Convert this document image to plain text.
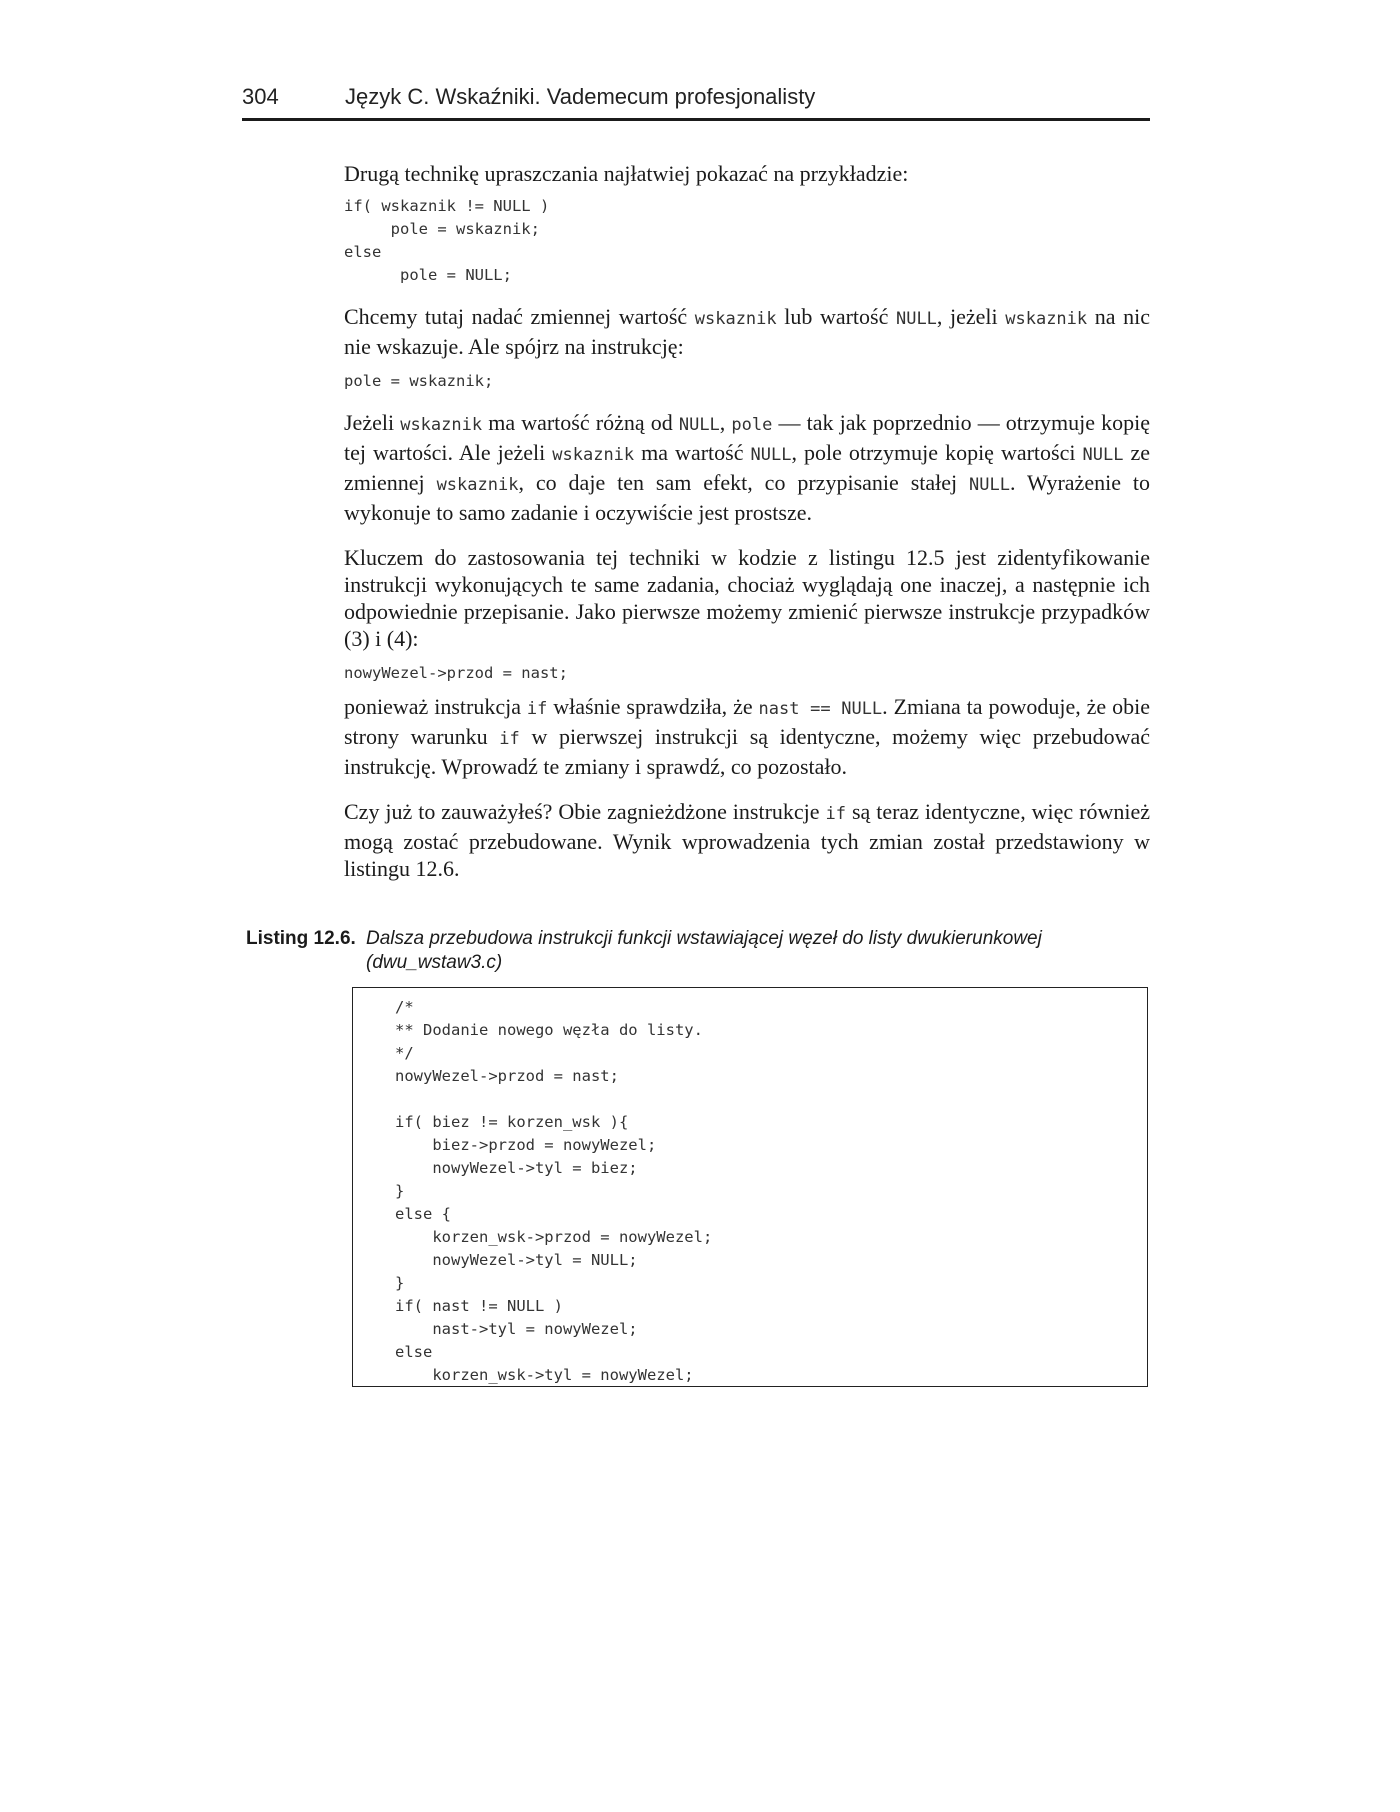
304	Język C. Wskaźniki. Vademecum profesjonalisty

Drugą technikę upraszczania najłatwiej pokazać na przykładzie:

if( wskaznik != NULL )
pole = wskaznik;
else
pole = NULL;

Chcemy tutaj nadać zmiennej wartość wskaznik lub wartość NULL, jeżeli wskaznik na nic nie wskazuje. Ale spójrz na instrukcję:

pole = wskaznik;

Jeżeli wskaznik ma wartość różną od NULL, pole — tak jak poprzednio — otrzymuje kopię tej wartości. Ale jeżeli wskaznik ma wartość NULL, pole otrzymuje kopię wartości NULL ze zmiennej wskaznik, co daje ten sam efekt, co przypisanie stałej NULL. Wyrażenie to wykonuje to samo zadanie i oczywiście jest prostsze.

Kluczem do zastosowania tej techniki w kodzie z listingu 12.5 jest zidentyfikowanie instrukcji wykonujących te same zadania, chociaż wyglądają one inaczej, a następnie ich odpowiednie przepisanie. Jako pierwsze możemy zmienić pierwsze instrukcje przypadków (3) i (4):

nowyWezel->przod = nast;

ponieważ instrukcja if właśnie sprawdziła, że nast == NULL. Zmiana ta powoduje, że obie strony warunku if w pierwszej instrukcji są identyczne, możemy więc przebudować instrukcję. Wprowadź te zmiany i sprawdź, co pozostało.

Czy już to zauważyłeś? Obie zagnieżdżone instrukcje if są teraz identyczne, więc również mogą zostać przebudowane. Wynik wprowadzenia tych zmian został przedstawiony w listingu 12.6.

Listing 12.6. Dalsza przebudowa instrukcji funkcji wstawiającej węzeł do listy dwukierunkowej (dwu_wstaw3.c)
/*
** Dodanie nowego węzła do listy.
*/
nowyWezel->przod = nast;

if( biez != korzen_wsk ){
biez->przod = nowyWezel;
nowyWezel->tyl = biez;
}
else {
korzen_wsk->przod = nowyWezel;
nowyWezel->tyl = NULL;
}
if( nast != NULL )
nast->tyl = nowyWezel;
else
korzen_wsk->tyl = nowyWezel;
